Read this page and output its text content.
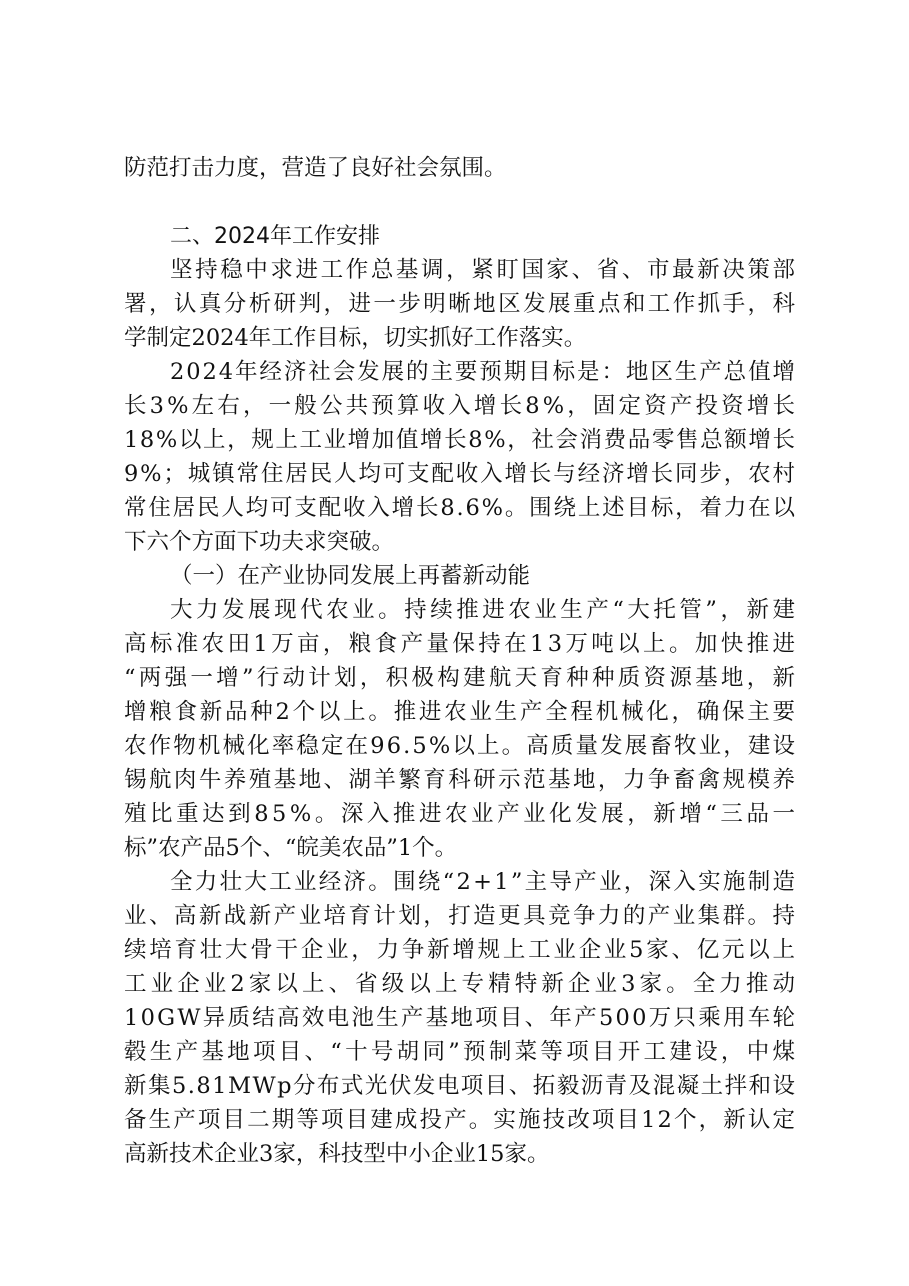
防范打击力度，营造了良好社会氛围。
二、2024年工作安排
坚持稳中求进工作总基调，紧盯国家、省、市最新决策部
署，认真分析研判，进一步明晰地区发展重点和工作抓手，科
学制定2024年工作目标，切实抓好工作落实。
2024年经济社会发展的主要预期目标是：地区生产总值增
长3%左右，一般公共预算收入增长8%，固定资产投资增长
18%以上，规上工业增加值增长8%，社会消费品零售总额增长
9%；城镇常住居民人均可支配收入增长与经济增长同步，农村
常住居民人均可支配收入增长8.6%。围绕上述目标，着力在以
下六个方面下功夫求突破。
（一）在产业协同发展上再蓄新动能
大力发展现代农业。持续推进农业生产“大托管”，新建
高标准农田1万亩，粮食产量保持在13万吨以上。加快推进
“两强一增”行动计划，积极构建航天育种种质资源基地，新
增粮食新品种2个以上。推进农业生产全程机械化，确保主要
农作物机械化率稳定在96.5%以上。高质量发展畜牧业，建设
锡航肉牛养殖基地、湖羊繁育科研示范基地，力争畜禽规模养
殖比重达到85%。深入推进农业产业化发展，新增“三品一
标”农产品5个、“皖美农品”1个。
全力壮大工业经济。围绕“2+1”主导产业，深入实施制造
业、高新战新产业培育计划，打造更具竞争力的产业集群。持
续培育壮大骨干企业，力争新增规上工业企业5家、亿元以上
工业企业2家以上、省级以上专精特新企业3家。全力推动
10GW异质结高效电池生产基地项目、年产500万只乘用车轮
毂生产基地项目、“十号胡同”预制菜等项目开工建设，中煤
新集5.81MWp分布式光伏发电项目、拓毅沥青及混凝土拌和设
备生产项目二期等项目建成投产。实施技改项目12个，新认定
高新技术企业3家，科技型中小企业15家。
